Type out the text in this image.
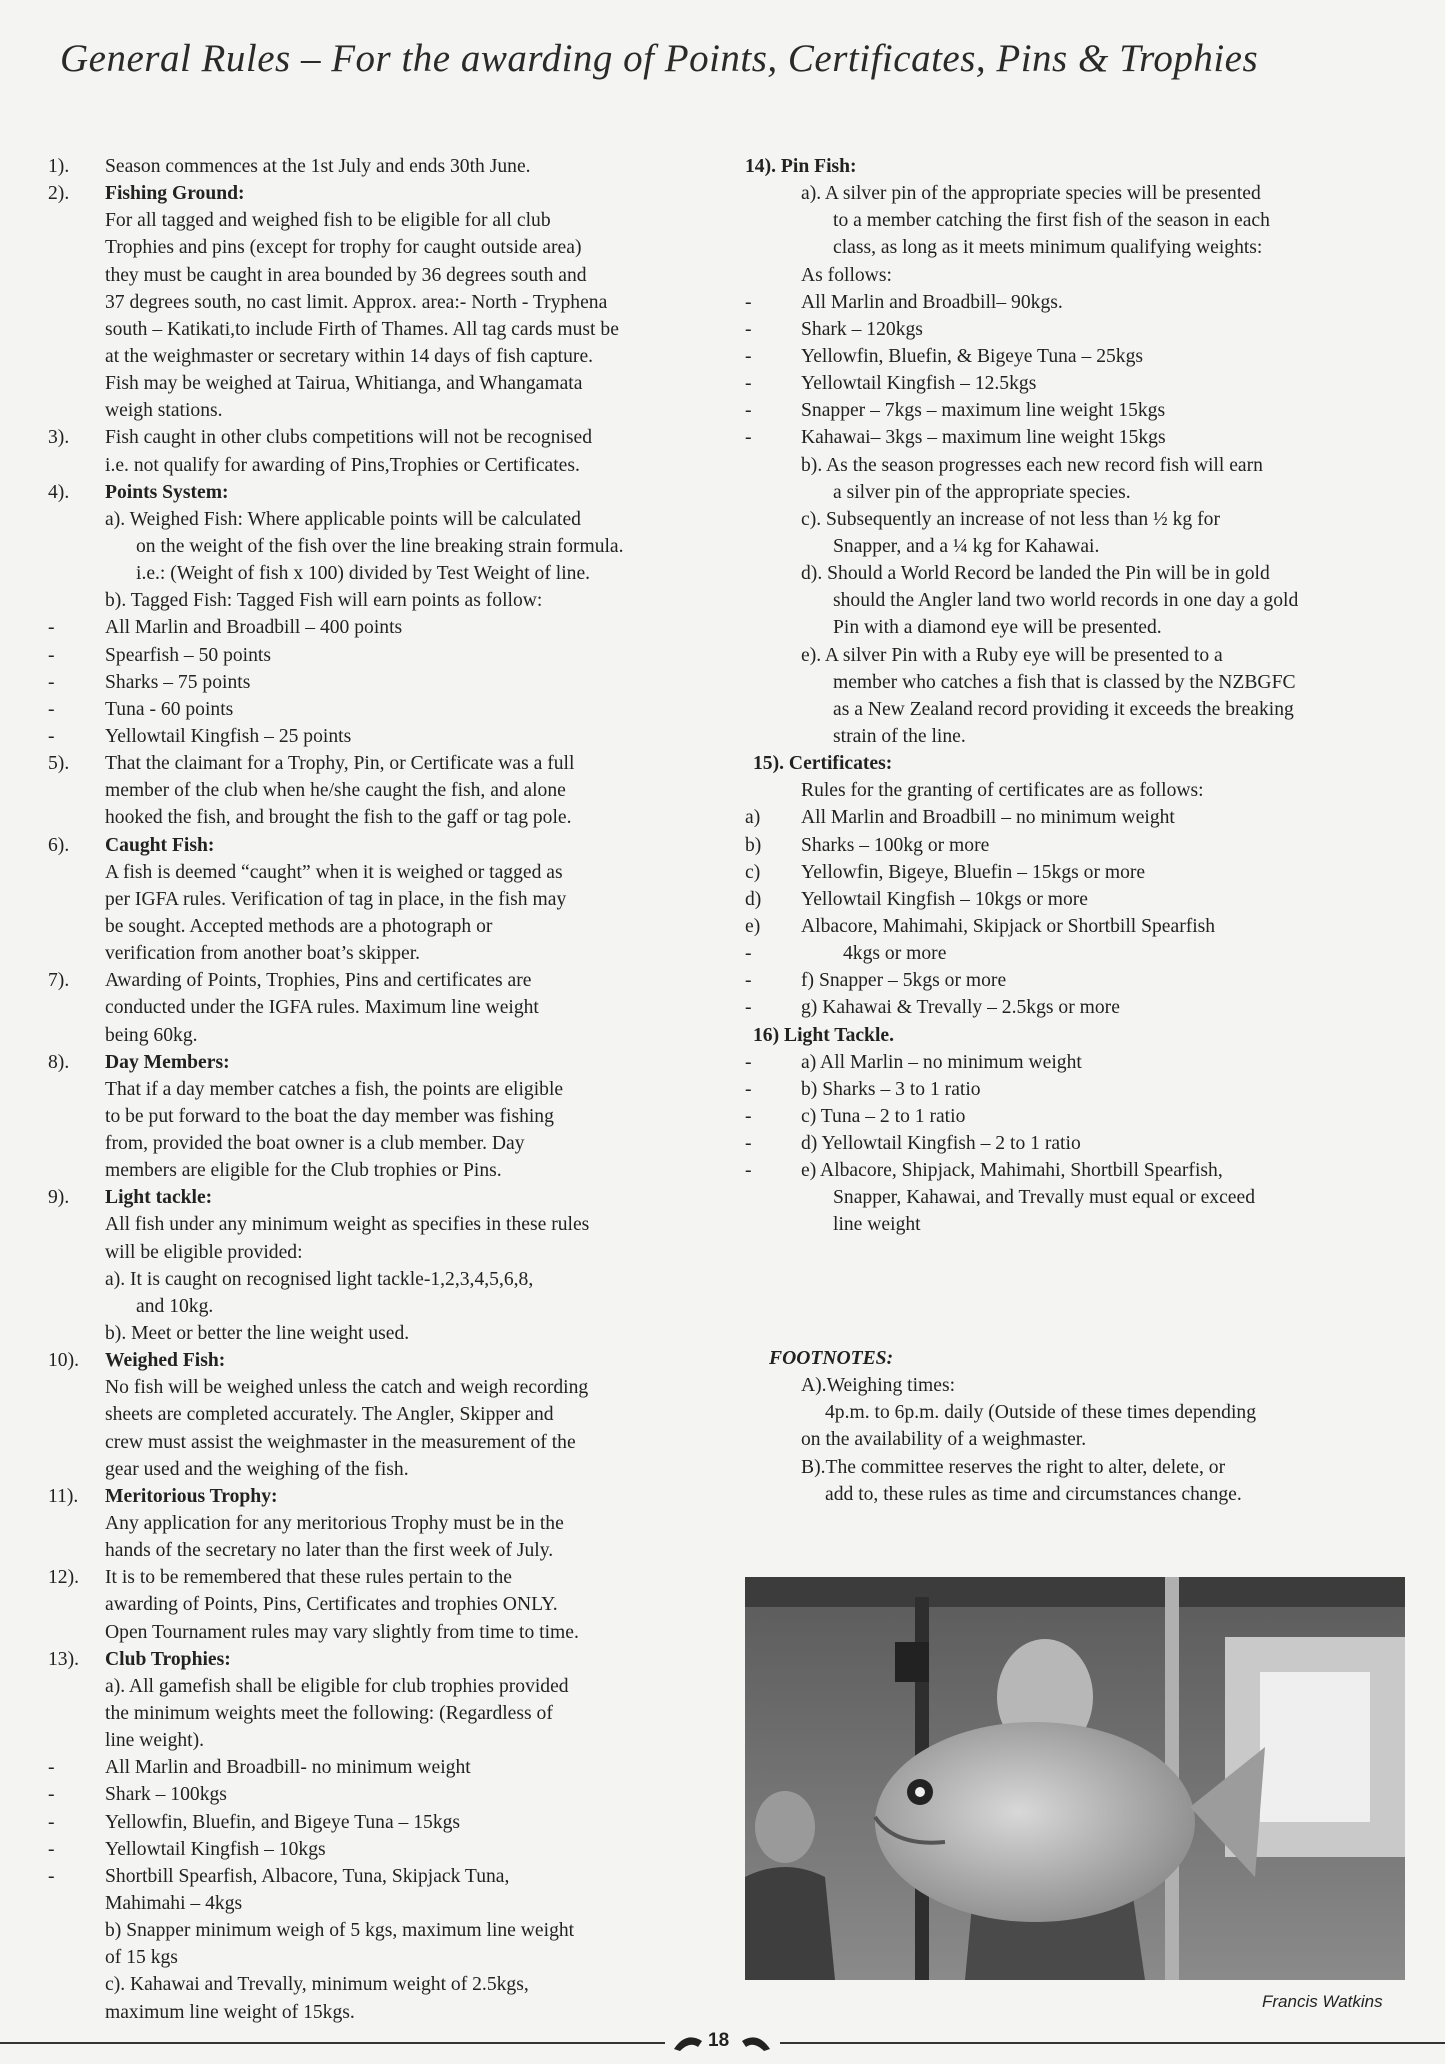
General Rules – For the awarding of Points, Certificates, Pins & Trophies
1). Season commences at the 1st July and ends 30th June.
2). Fishing Ground:
For all tagged and weighed fish to be eligible for all club
Trophies and pins (except for trophy for caught outside area)
they must be caught in area bounded by 36 degrees south and
37 degrees south, no cast limit. Approx. area:- North - Tryphena
south – Katikati,to include Firth of Thames. All tag cards must be
at the weighmaster or secretary within 14 days of fish capture.
Fish may be weighed at Tairua, Whitianga, and Whangamata
weigh stations.
3). Fish caught in other clubs competitions will not be recognised
i.e. not qualify for awarding of Pins,Trophies or Certificates.
4). Points System:
a). Weighed Fish: Where applicable points will be calculated
on the weight of the fish over the line breaking strain formula.
i.e.: (Weight of fish x 100) divided by Test Weight of line.
b). Tagged Fish: Tagged Fish will earn points as follow:
-	All Marlin and Broadbill – 400 points
-	Spearfish – 50 points
-	Sharks – 75 points
-	Tuna - 60 points
-	Yellowtail Kingfish – 25 points
5). That the claimant for a Trophy, Pin, or Certificate was a full
member of the club when he/she caught the fish, and alone
hooked the fish, and brought the fish to the gaff or tag pole.
6). Caught Fish:
A fish is deemed “caught” when it is weighed or tagged as
per IGFA rules. Verification of tag in place, in the fish may
be sought. Accepted methods are a photograph or
verification from another boat’s skipper.
7). Awarding of Points, Trophies, Pins and certificates are
conducted under the IGFA rules. Maximum line weight
being 60kg.
8). Day Members:
That if a day member catches a fish, the points are eligible
to be put forward to the boat the day member was fishing
from, provided the boat owner is a club member. Day
members are eligible for the Club trophies or Pins.
9). Light tackle:
All fish under any minimum weight as specifies in these rules
will be eligible provided:
a). It is caught on recognised light tackle-1,2,3,4,5,6,8,
and 10kg.
b). Meet or better the line weight used.
10). Weighed Fish:
No fish will be weighed unless the catch and weigh recording
sheets are completed accurately. The Angler, Skipper and
crew must assist the weighmaster in the measurement of the
gear used and the weighing of the fish.
11). Meritorious Trophy:
Any application for any meritorious Trophy must be in the
hands of the secretary no later than the first week of July.
12). It is to be remembered that these rules pertain to the
awarding of Points, Pins, Certificates and trophies ONLY.
Open Tournament rules may vary slightly from time to time.
13). Club Trophies:
a). All gamefish shall be eligible for club trophies provided
the minimum weights meet the following: (Regardless of
line weight).
-	All Marlin and Broadbill- no minimum weight
-	Shark – 100kgs
-	Yellowfin, Bluefin, and Bigeye Tuna – 15kgs
-	Yellowtail Kingfish – 10kgs
-	Shortbill Spearfish, Albacore, Tuna, Skipjack Tuna,
Mahimahi – 4kgs
b) Snapper minimum weigh of 5 kgs, maximum line weight
of 15 kgs
c). Kahawai and Trevally, minimum weight of 2.5kgs,
maximum line weight of 15kgs.
14). Pin Fish:
a). A silver pin of the appropriate species will be presented
to a member catching the first fish of the season in each
class, as long as it meets minimum qualifying weights:
As follows:
-	All Marlin and Broadbill– 90kgs.
-	Shark – 120kgs
-	Yellowfin, Bluefin, & Bigeye Tuna – 25kgs
-	Yellowtail Kingfish – 12.5kgs
-	Snapper – 7kgs – maximum line weight 15kgs
-	Kahawai– 3kgs – maximum line weight 15kgs
b). As the season progresses each new record fish will earn
a silver pin of the appropriate species.
c). Subsequently an increase of not less than ½ kg for
Snapper, and a ¼ kg for Kahawai.
d). Should a World Record be landed the Pin will be in gold
should the Angler land two world records in one day a gold
Pin with a diamond eye will be presented.
e). A silver Pin with a Ruby eye will be presented to a
member who catches a fish that is classed by the NZBGFC
as a New Zealand record providing it exceeds the breaking
strain of the line.
15). Certificates:
Rules for the granting of certificates are as follows:
a) All Marlin and Broadbill – no minimum weight
b) Sharks – 100kg or more
c) Yellowfin, Bigeye, Bluefin – 15kgs or more
d) Yellowtail Kingfish – 10kgs or more
e) Albacore, Mahimahi, Skipjack or Shortbill Spearfish
-	4kgs or more
-	f) Snapper – 5kgs or more
-	g) Kahawai & Trevally – 2.5kgs or more
16) Light Tackle.
-	a) All Marlin – no minimum weight
-	b) Sharks – 3 to 1 ratio
-	c) Tuna – 2 to 1 ratio
-	d) Yellowtail Kingfish – 2 to 1 ratio
-	e) Albacore, Shipjack, Mahimahi, Shortbill Spearfish,
Snapper, Kahawai, and Trevally must equal or exceed
line weight
FOOTNOTES:
A).Weighing times:
4p.m. to 6p.m. daily (Outside of these times depending
on the availability of a weighmaster.
B).The committee reserves the right to alter, delete, or
add to, these rules as time and circumstances change.
Francis Watkins
18
